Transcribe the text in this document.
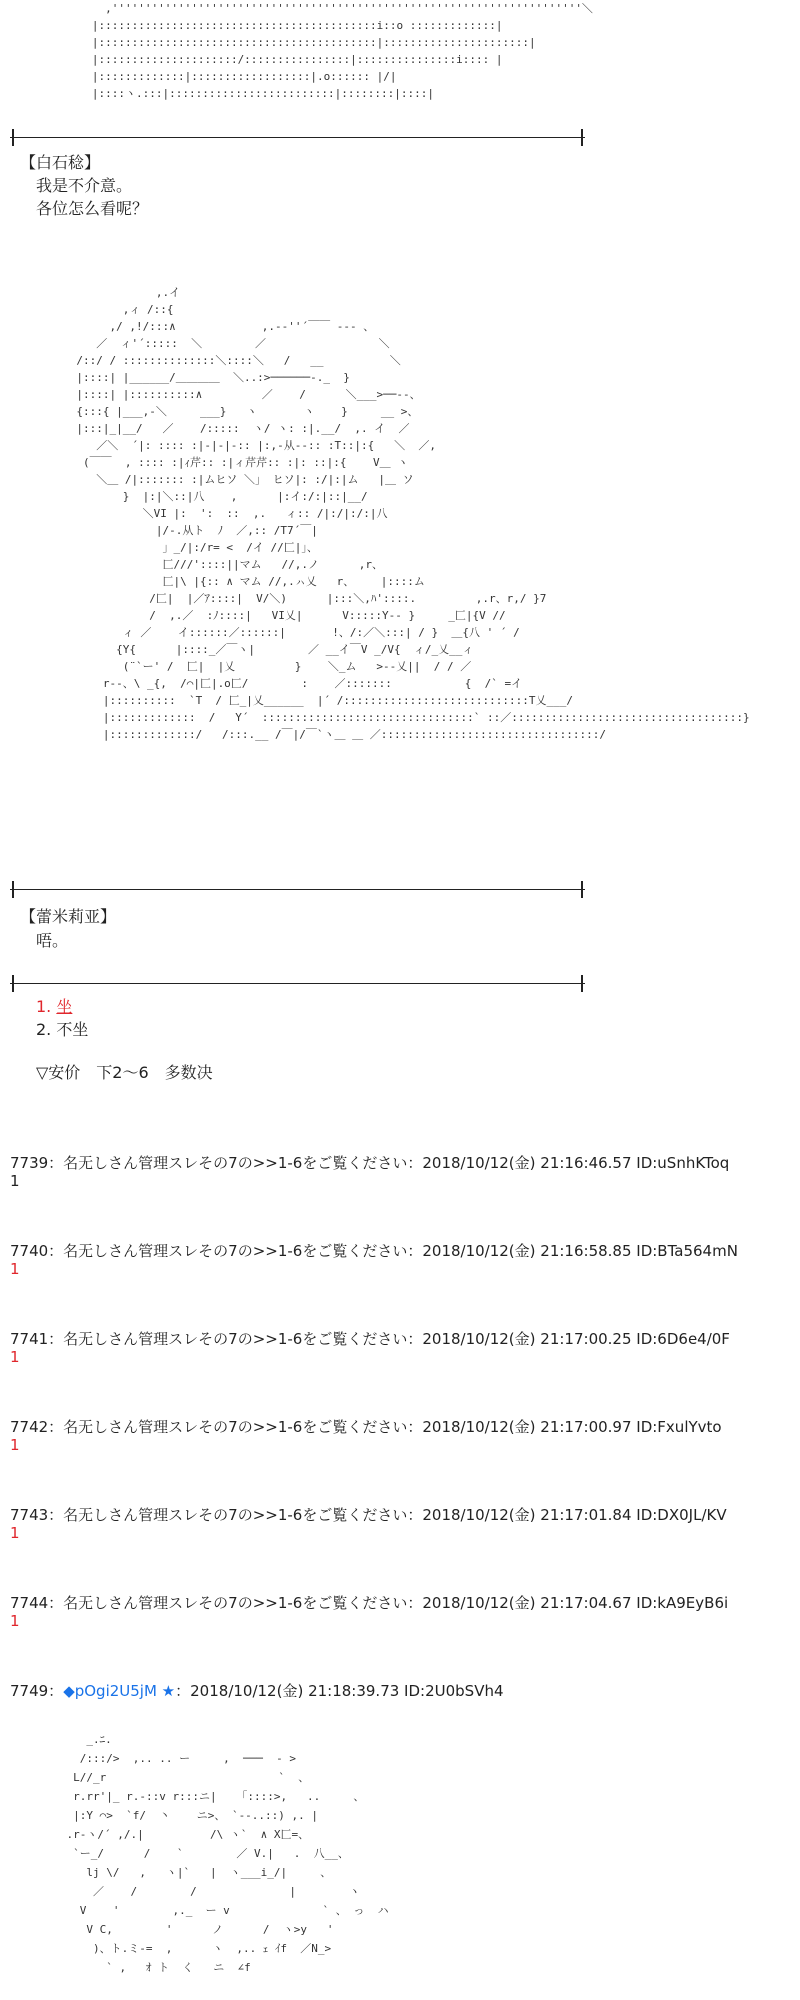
,'''''''''''''''''''''''''''''''''''''''''''''''''''''''''''''''''''''''＼
|::::::::::::::::::::::::::::::::::::::::::i::o :::::::::::::|
|::::::::::::::::::::::::::::::::::::::::::|::::::::::::::::::::::|
|:::::::::::::::::::::/::::::::::::::::|:::::::::::::::i:::: |
|:::::::::::::|::::::::::::::::::|.o:::::: |/|
|::::ヽ.:::|:::::::::::::::::::::::::|::::::::|::::|
【白石稔】
我是不介意。
各位怎么看呢？
,.イ
,ィ /::{
,/ ,!/:::∧             ,.-‐''´￣￣ ‐-- 、
／  ィ'´:::::  ＼        ／                 ＼
/::/ / ::::::::::::::＼::::＼   /   __          ＼
|::::| |______/＿＿＿＿  ＼..:>──────-._  }
|::::| |::::::::::∧         ／    /      ＼___>──‐-、
{:::{ |___,-＼     ___}   ヽ       ヽ    }     __ >、
|:::|_|__/   ／    /:::::  ヽ/ ヽ: :|.__/  ,. イ  ／
／＼  ´|: :::: :|-|-|-:: |:,-从--:: :T::|:{   ＼  ／,
(￣￣  , :::: :|ｨ芹:: :|ィ芹芹:: :|: ::|:{    V＿ ヽ
＼＿ /|::::::: :|ムヒソ ＼」 ヒソ|: :/|:|ム   |＿ ソ
}  |:|＼::|八    ,      |:イ:/:|::|__/
＼VI |:  ':  ::  ,.   ィ:: /|:/|:/:|八
|/-.从ト  ﾉ  ／,:: /T7´￣|
」_/|:/r= <  /イ //匚|」、
匚///'::::||マム   //,.ノ      ,r、
匚|\ |{:: ∧ マム //,.ㇵ乂   r、    |::::ム
/匚|  |／ｱ::::|  V/＼)      |:::＼,ﾊ'::::.         ,.r、r,/ }7
/  ,.／  :ﾉ::::|   VI乂|      V:::::Y-- }     _匚|{V //
ィ ／    イ::::::／::::::|       !、/:／＼:::| / }  ＿{八 ' ´ /
{Y{      |::::_／￣ヽ|        ／ __イ￣V _/V{  ィ/_乂__ィ
(¨`ー' /  匚|  |乂         }    ＼_ム   >--乂||  / / ／
r--、\ _{,  /⌒|匚|.o匚/        :    ／:::::::           {  /` =イ
|::::::::::  `T  / 匚_|乂______  |´ /::::::::::::::::::::::::::::T乂___/
|:::::::::::::  /   Y´  ::::::::::::::::::::::::::::::::` ::／:::::::::::::::::::::::::::::::::::}
|:::::::::::::/   /:::.__ /￣|/￣`ヽ＿ ＿ ／:::::::::::::::::::::::::::::::::/
【蕾米莉亚】
唔。
1. 坐
2. 不坐
▽安价　下2～6　多数决
7739：名无しさん管理スレその7の>>1-6をご覧ください：2018/10/12(金) 21:16:46.57 ID:uSnhKToq
1
7740：名无しさん管理スレその7の>>1-6をご覧ください：2018/10/12(金) 21:16:58.85 ID:BTa564mN
1
7741：名无しさん管理スレその7の>>1-6をご覧ください：2018/10/12(金) 21:17:00.25 ID:6D6e4/0F
1
7742：名无しさん管理スレその7の>>1-6をご覧ください：2018/10/12(金) 21:17:00.97 ID:FxulYvto
1
7743：名无しさん管理スレその7の>>1-6をご覧ください：2018/10/12(金) 21:17:01.84 ID:DX0JL/KV
1
7744：名无しさん管理スレその7の>>1-6をご覧ください：2018/10/12(金) 21:17:04.67 ID:kA9EyB6i
1
7749：◆pOgi2U5jM ★：2018/10/12(金) 21:18:39.73 ID:2U0bSVh4
_.ﾆ.
/:::/>  ,.. .. ー     ,  ───  ‐ >
L//_r                          `  、
r.rr'|_ r.-::v r:::ニ|   「::::>,   ..     、
|:Y ⌒>  `f/  丶    ニ>、 `-‐..::) ,. |
.r-ヽ/´ ,/.|          /\ ヽ`  ∧ X匚=、
`ー_/      /    `        ／ V.|   .  八__、
lj \/   ,   ヽ|`   |  ヽ___i_/|     、
／    /        /              |        ヽ
V    '        ,._  ー v              ` 、 っ  ハ
V C,        '      ノ      /  ヽ>y   '
)、ト.ミ‐=  ,      ヽ  ,.. ｪ ｲf  ／N_>
` ,   ｵ ト  く   ニ  ∠f
